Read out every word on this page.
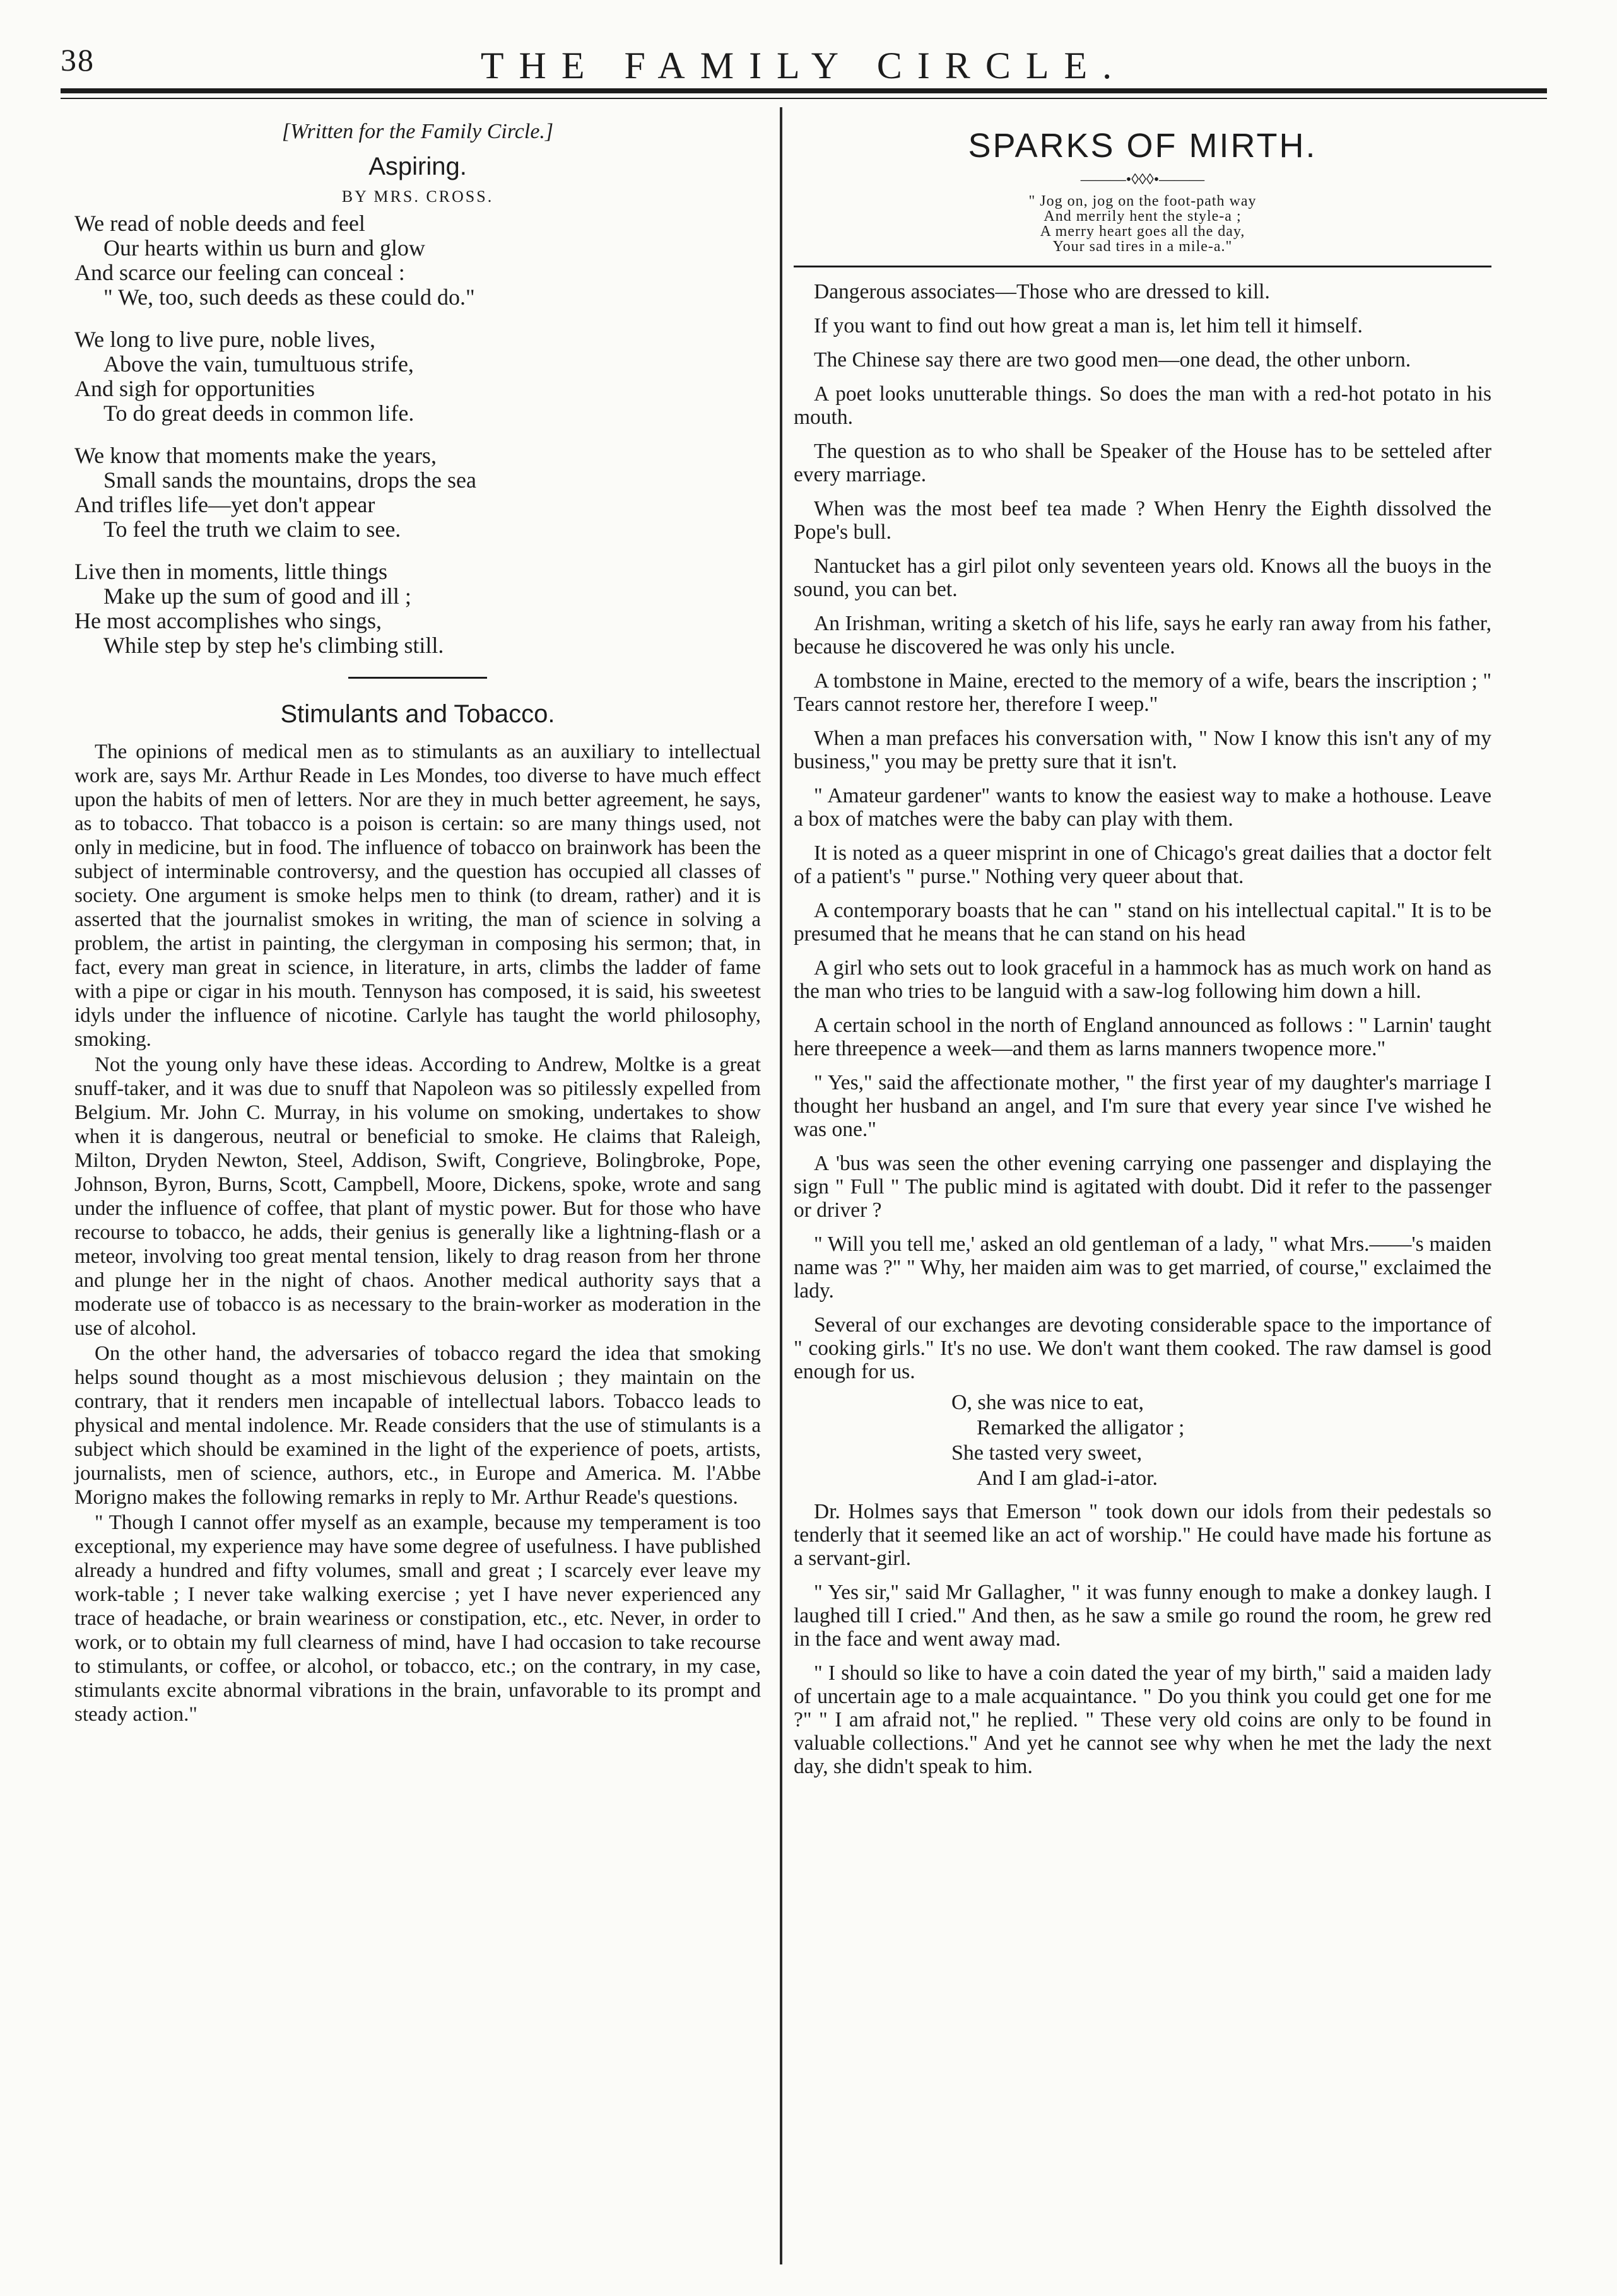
38	THE FAMILY CIRCLE.
[Written for the Family Circle.]
Aspiring.
BY MRS. CROSS.
We read of noble deeds and feel
Our hearts within us burn and glow
And scarce our feeling can conceal :
" We, too, such deeds as these could do."
We long to live pure, noble lives,
Above the vain, tumultuous strife,
And sigh for opportunities
To do great deeds in common life.
We know that moments make the years,
Small sands the mountains, drops the sea
And trifles life—yet don't appear
To feel the truth we claim to see.
Live then in moments, little things
Make up the sum of good and ill ;
He most accomplishes who sings,
While step by step he's climbing still.
Stimulants and Tobacco.

The opinions of medical men as to stimulants as an auxiliary to intellectual work are, says Mr. Arthur Reade in Les Mondes, too diverse to have much effect upon the habits of men of letters. Nor are they in much better agreement, he says, as to tobacco. That tobacco is a poison is certain: so are many things used, not only in medicine, but in food. The influence of tobacco on brainwork has been the subject of interminable controversy, and the question has occupied all classes of society. One argument is smoke helps men to think (to dream, rather) and it is asserted that the journalist smokes in writing, the man of science in solving a problem, the artist in painting, the clergyman in composing his sermon; that, in fact, every man great in science, in literature, in arts, climbs the ladder of fame with a pipe or cigar in his mouth. Tennyson has composed, it is said, his sweetest idyls under the influence of nicotine. Carlyle has taught the world philosophy, smoking.

Not the young only have these ideas. According to Andrew, Moltke is a great snuff-taker, and it was due to snuff that Napoleon was so pitilessly expelled from Belgium. Mr. John C. Murray, in his volume on smoking, undertakes to show when it is dangerous, neutral or beneficial to smoke. He claims that Raleigh, Milton, Dryden Newton, Steel, Addison, Swift, Congrieve, Bolingbroke, Pope, Johnson, Byron, Burns, Scott, Campbell, Moore, Dickens, spoke, wrote and sang under the influence of coffee, that plant of mystic power. But for those who have recourse to tobacco, he adds, their genius is generally like a lightning-flash or a meteor, involving too great mental tension, likely to drag reason from her throne and plunge her in the night of chaos. Another medical authority says that a moderate use of tobacco is as necessary to the brain-worker as moderation in the use of alcohol.

On the other hand, the adversaries of tobacco regard the idea that smoking helps sound thought as a most mischievous delusion ; they maintain on the contrary, that it renders men incapable of intellectual labors. Tobacco leads to physical and mental indolence. Mr. Reade considers that the use of stimulants is a subject which should be examined in the light of the experience of poets, artists, journalists, men of science, authors, etc., in Europe and America. M. l'Abbe Morigno makes the following remarks in reply to Mr. Arthur Reade's questions.

" Though I cannot offer myself as an example, because my temperament is too exceptional, my experience may have some degree of usefulness. I have published already a hundred and fifty volumes, small and great ; I scarcely ever leave my work-table ; I never take walking exercise ; yet I have never experienced any trace of headache, or brain weariness or constipation, etc., etc. Never, in order to work, or to obtain my full clearness of mind, have I had occasion to take recourse to stimulants, or coffee, or alcohol, or tobacco, etc.; on the contrary, in my case, stimulants excite abnormal vibrations in the brain, unfavorable to its prompt and steady action."

SPARKS OF MIRTH.
———•◊◊◊•———
" Jog on, jog on the foot-path way
And merrily hent the style-a ;
A merry heart goes all the day,
Your sad tires in a mile-a."

Dangerous associates—Those who are dressed to kill.

If you want to find out how great a man is, let him tell it himself.

The Chinese say there are two good men—one dead, the other unborn.

A poet looks unutterable things. So does the man with a red-hot potato in his mouth.

The question as to who shall be Speaker of the House has to be setteled after every marriage.

When was the most beef tea made ? When Henry the Eighth dissolved the Pope's bull.

Nantucket has a girl pilot only seventeen years old. Knows all the buoys in the sound, you can bet.

An Irishman, writing a sketch of his life, says he early ran away from his father, because he discovered he was only his uncle.

A tombstone in Maine, erected to the memory of a wife, bears the inscription ; " Tears cannot restore her, therefore I weep."

When a man prefaces his conversation with, " Now I know this isn't any of my business," you may be pretty sure that it isn't.

" Amateur gardener" wants to know the easiest way to make a hothouse. Leave a box of matches were the baby can play with them.

It is noted as a queer misprint in one of Chicago's great dailies that a doctor felt of a patient's " purse." Nothing very queer about that.

A contemporary boasts that he can " stand on his intellectual capital." It is to be presumed that he means that he can stand on his head

A girl who sets out to look graceful in a hammock has as much work on hand as the man who tries to be languid with a saw-log following him down a hill.

A certain school in the north of England announced as follows : " Larnin' taught here threepence a week—and them as larns manners twopence more."

" Yes," said the affectionate mother, " the first year of my daughter's marriage I thought her husband an angel, and I'm sure that every year since I've wished he was one."

A 'bus was seen the other evening carrying one passenger and displaying the sign " Full " The public mind is agitated with doubt. Did it refer to the passenger or driver ?

" Will you tell me,' asked an old gentleman of a lady, " what Mrs.——'s maiden name was ?" " Why, her maiden aim was to get married, of course," exclaimed the lady.

Several of our exchanges are devoting considerable space to the importance of " cooking girls." It's no use. We don't want them cooked. The raw damsel is good enough for us.

O, she was nice to eat,
Remarked the alligator ;
She tasted very sweet,
And I am glad-i-ator.

Dr. Holmes says that Emerson " took down our idols from their pedestals so tenderly that it seemed like an act of worship." He could have made his fortune as a servant-girl.

" Yes sir," said Mr Gallagher, " it was funny enough to make a donkey laugh. I laughed till I cried." And then, as he saw a smile go round the room, he grew red in the face and went away mad.

" I should so like to have a coin dated the year of my birth," said a maiden lady of uncertain age to a male acquaintance. " Do you think you could get one for me ?" " I am afraid not," he replied. " These very old coins are only to be found in valuable collections." And yet he cannot see why when he met the lady the next day, she didn't speak to him.
